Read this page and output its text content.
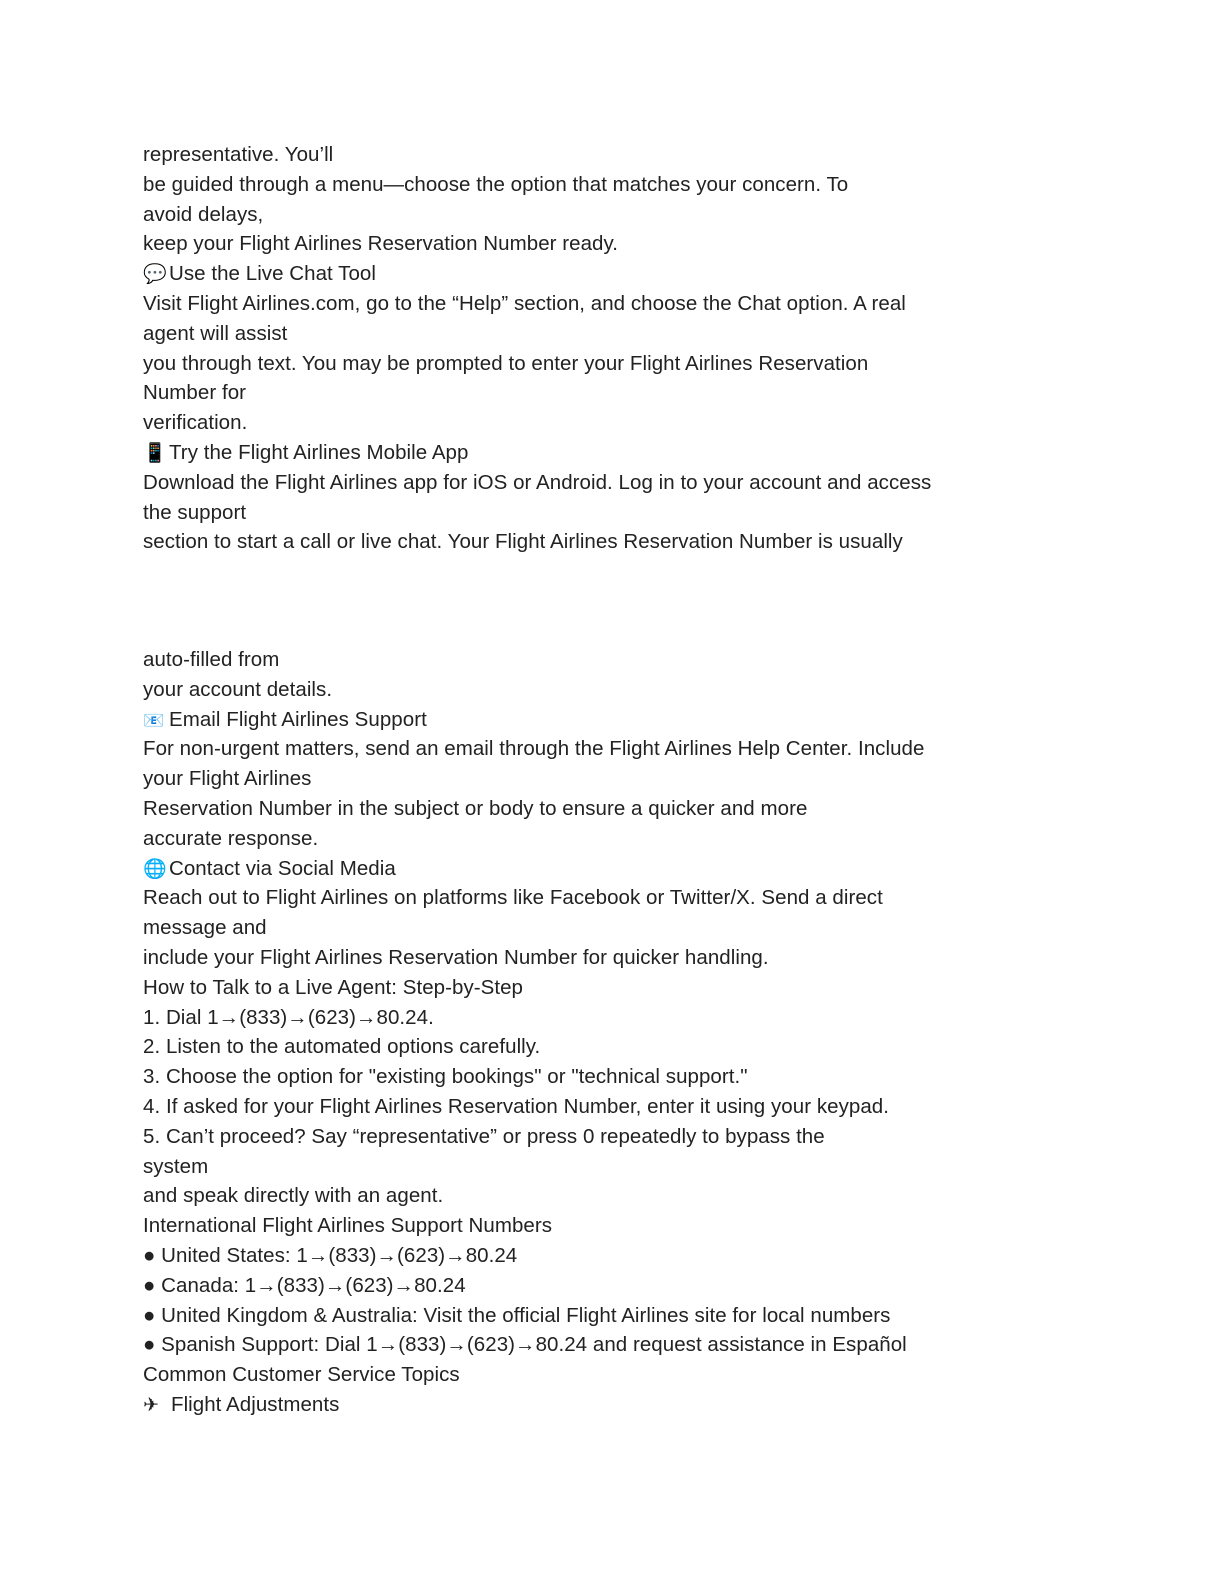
representative. You’ll
be guided through a menu—choose the option that matches your concern. To
avoid delays,
keep your Flight Airlines Reservation Number ready.
💬 Use the Live Chat Tool
Visit Flight Airlines.com, go to the “Help” section, and choose the Chat option. A real
agent will assist
you through text. You may be prompted to enter your Flight Airlines Reservation
Number for
verification.
📱 Try the Flight Airlines Mobile App
Download the Flight Airlines app for iOS or Android. Log in to your account and access
the support
section to start a call or live chat. Your Flight Airlines Reservation Number is usually
auto-filled from
your account details.
📧 Email Flight Airlines Support
For non-urgent matters, send an email through the Flight Airlines Help Center. Include
your Flight Airlines
Reservation Number in the subject or body to ensure a quicker and more
accurate response.
🌐 Contact via Social Media
Reach out to Flight Airlines on platforms like Facebook or Twitter/X. Send a direct
message and
include your Flight Airlines Reservation Number for quicker handling.
How to Talk to a Live Agent: Step-by-Step
1. Dial 1→(833)→(623)→80.24.
2. Listen to the automated options carefully.
3. Choose the option for "existing bookings" or "technical support."
4. If asked for your Flight Airlines Reservation Number, enter it using your keypad.
5. Can’t proceed? Say “representative” or press 0 repeatedly to bypass the
system
and speak directly with an agent.
International Flight Airlines Support Numbers
● United States: 1→(833)→(623)→80.24
● Canada: 1→(833)→(623)→80.24
● United Kingdom & Australia: Visit the official Flight Airlines site for local numbers
● Spanish Support: Dial 1→(833)→(623)→80.24 and request assistance in Español
Common Customer Service Topics
✈ Flight Adjustments
